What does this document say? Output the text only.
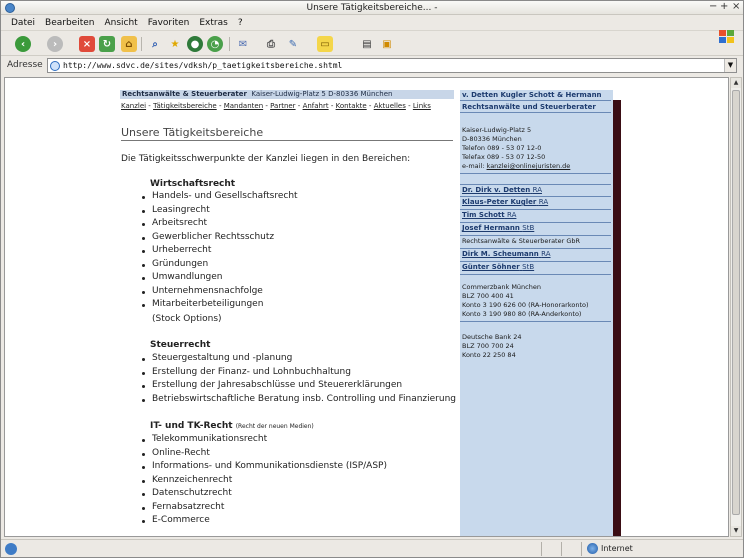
Unsere Tätigkeitsbereiche... -	− + ×
Datei Bearbeiten Ansicht Favoriten Extras ?
‹	›	×	↻	⌂	⌕	★	●	◔	✉	⎙	✎	▭	▤	▣
Adresse	http://www.sdvc.de/sites/vdksh/p_taetigkeitsbereiche.shtml	▼
Rechtsanwälte & Steuerberater Kaiser-Ludwig-Platz 5 D-80336 München
Kanzlei - Tätigkeitsbereiche - Mandanten - Partner - Anfahrt - Kontakte - Aktuelles - Links
Unsere Tätigkeitsbereiche
Die Tätigkeitsschwerpunkte der Kanzlei liegen in den Bereichen:
Wirtschaftsrecht
Handels- und Gesellschaftsrecht
Leasingrecht
Arbeitsrecht
Gewerblicher Rechtsschutz
Urheberrecht
Gründungen
Umwandlungen
Unternehmensnachfolge
Mitarbeiterbeteiligungen
(Stock Options)
Steuerrecht
Steuergestaltung und -planung
Erstellung der Finanz- und Lohnbuchhaltung
Erstellung der Jahresabschlüsse und Steuererklärungen
Betriebswirtschaftliche Beratung insb. Controlling und Finanzierung
IT- und TK-Recht (Recht der neuen Medien)
Telekommunikationsrecht
Online-Recht
Informations- und Kommunikationsdienste (ISP/ASP)
Kennzeichenrecht
Datenschutzrecht
Fernabsatzrecht
E-Commerce
v. Detten Kugler Schott & Hermann
Rechtsanwälte und Steuerberater
Kaiser-Ludwig-Platz 5
D-80336 München
Telefon 089 - 53 07 12-0
Telefax 089 - 53 07 12-50
e-mail: kanzlei@onlinejuristen.de
Dr. Dirk v. Detten RA
Klaus-Peter Kugler RA
Tim Schott RA
Josef Hermann StB
Rechtsanwälte & Steuerberater GbR
Dirk M. Scheumann RA
Günter Söhner StB
Commerzbank München
BLZ 700 400 41
Konto 3 190 626 00 (RA-Honorarkonto)
Konto 3 190 980 80 (RA-Anderkonto)
Deutsche Bank 24
BLZ 700 700 24
Konto 22 250 84
▲
▼
Internet
